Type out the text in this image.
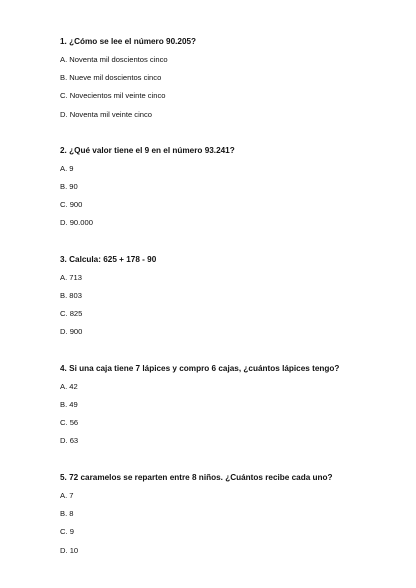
1. ¿Cómo se lee el número 90.205?
A. Noventa mil doscientos cinco
B. Nueve mil doscientos cinco
C. Novecientos mil veinte cinco
D. Noventa mil veinte cinco
2. ¿Qué valor tiene el 9 en el número 93.241?
A. 9
B. 90
C. 900
D. 90.000
3. Calcula: 625 + 178 - 90
A. 713
B. 803
C. 825
D. 900
4. Si una caja tiene 7 lápices y compro 6 cajas, ¿cuántos lápices tengo?
A. 42
B. 49
C. 56
D. 63
5. 72 caramelos se reparten entre 8 niños. ¿Cuántos recibe cada uno?
A. 7
B. 8
C. 9
D. 10
